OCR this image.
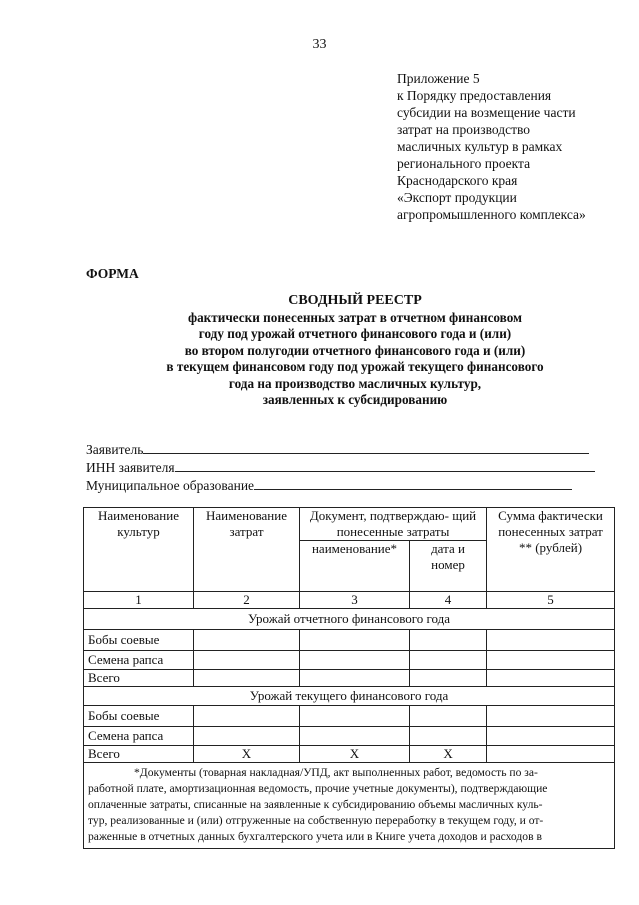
33
Приложение 5
к Порядку предоставления
субсидии на возмещение части
затрат на производство
масличных культур в рамках
регионального проекта
Краснодарского края
«Экспорт продукции
агропромышленного комплекса»
ФОРМА
СВОДНЫЙ РЕЕСТР
фактически понесенных затрат в отчетном финансовом
году под урожай отчетного финансового года и (или)
во втором полугодии отчетного финансового года и (или)
в текущем финансовом году под урожай текущего финансового
года на производство масличных культур,
заявленных к субсидированию
Заявитель
ИНН заявителя
Муниципальное образование
Наименование культур	Наименование затрат	Документ, подтверждаю- щий понесенные затраты		Сумма фактически понесенных затрат ** (рублей)
		наименование*	дата и номер	
1	2	3	4	5
Урожай отчетного финансового года				
Бобы соевые				
Семена рапса				
Всего				
Урожай текущего финансового года				
Бобы соевые				
Семена рапса				
Всего	X	X	X	

*Документы (товарная накладная/УПД, акт выполненных работ, ведомость по за-

работной плате, амортизационная ведомость, прочие учетные документы), подтверждающие

оплаченные затраты, списанные на заявленные к субсидированию объемы масличных куль-

тур, реализованные и (или) отгруженные на собственную переработку в текущем году, и от-

раженные в отчетных данных бухгалтерского учета или в Книге учета доходов и расходов в				
